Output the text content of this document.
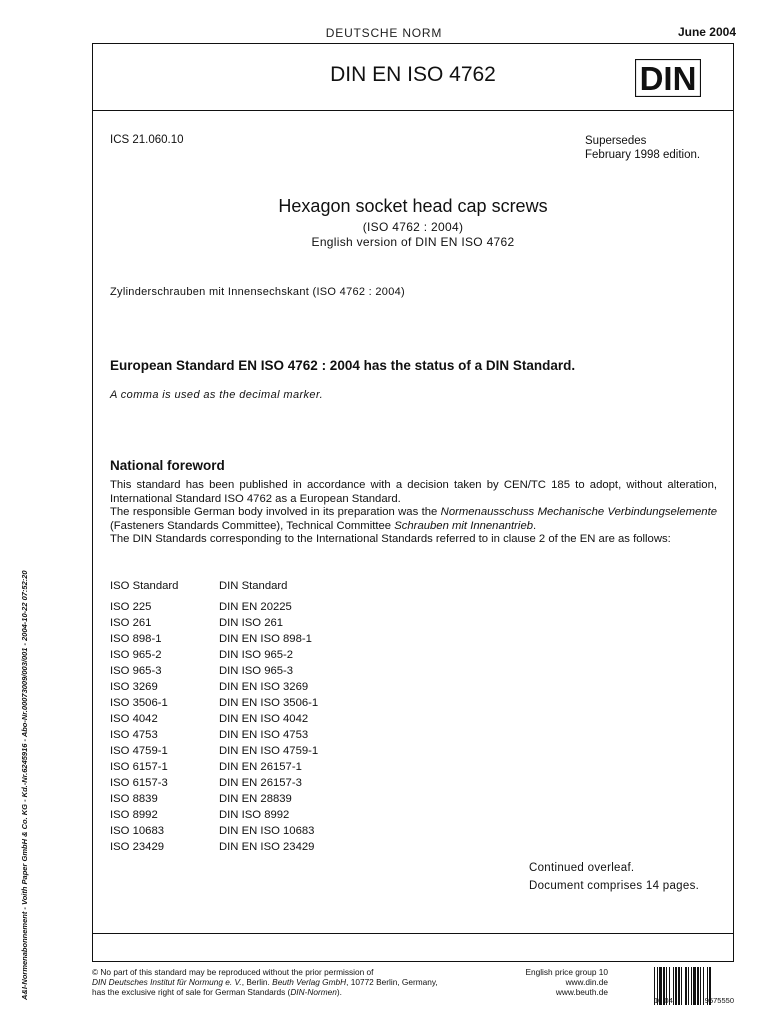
DEUTSCHE NORM	June 2004
DIN EN ISO 4762	DIN
ICS 21.060.10	Supersedes
February 1998 edition.
Hexagon socket head cap screws
(ISO 4762 : 2004)
English version of DIN EN ISO 4762
Zylinderschrauben mit Innensechskant (ISO 4762 : 2004)
European Standard EN ISO 4762 : 2004 has the status of a DIN Standard.
A comma is used as the decimal marker.
National foreword

This standard has been published in accordance with a decision taken by CEN/TC 185 to adopt, without alteration, International Standard ISO 4762 as a European Standard.

The responsible German body involved in its preparation was the Normenausschuss Mechanische Verbindungselemente (Fasteners Standards Committee), Technical Committee Schrauben mit Innenantrieb.

The DIN Standards corresponding to the International Standards referred to in clause 2 of the EN are as follows:

ISO Standard	DIN Standard
ISO 225	DIN EN 20225
ISO 261	DIN ISO 261
ISO 898-1	DIN EN ISO 898-1
ISO 965-2	DIN ISO 965-2
ISO 965-3	DIN ISO 965-3
ISO 3269	DIN EN ISO 3269
ISO 3506-1	DIN EN ISO 3506-1
ISO 4042	DIN EN ISO 4042
ISO 4753	DIN EN ISO 4753
ISO 4759-1	DIN EN ISO 4759-1
ISO 6157-1	DIN EN 26157-1
ISO 6157-3	DIN EN 26157-3
ISO 8839	DIN EN 28839
ISO 8992	DIN ISO 8992
ISO 10683	DIN EN ISO 10683
ISO 23429	DIN EN ISO 23429
Continued overleaf.
Document comprises 14 pages.
© No part of this standard may be reproduced without the prior permission of
DIN Deutsches Institut für Normung e. V., Berlin. Beuth Verlag GmbH, 10772 Berlin, Germany,
has the exclusive right of sale for German Standards (DIN-Normen).
English price group 10
www.din.de
www.beuth.de
10.04	9575550
A&I-Normenabonnement - Voith Paper GmbH & Co. KG - Kd.-Nr.6245916 - Abo-Nr.00073009/003/001 - 2004-10-22 07:52:20
